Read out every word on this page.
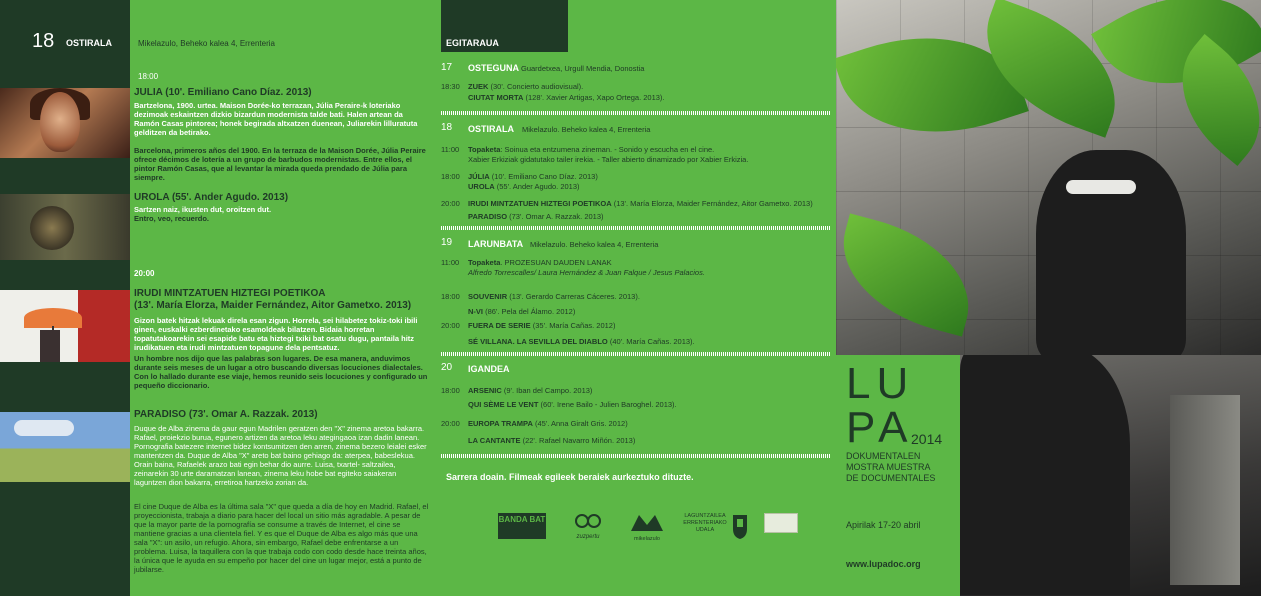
18 OSTIRALA	Mikelazulo, Beheko kalea 4, Errenteria
18:00
JULIA (10'. Emiliano Cano Díaz. 2013)
Bartzelona, 1900. urtea. Maison Dorée-ko terrazan, Júlia Peraire-k loteriako dezimoak eskaintzen dizkio bizardun modernista talde bati. Halen artean da Ramón Casas pintorea; honek begirada altxatzen duenean, Juliarekin lilluratuta gelditzen da betirako.
Barcelona, primeros años del 1900. En la terraza de la Maison Dorée, Júlia Peraire ofrece décimos de lotería a un grupo de barbudos modernistas. Entre ellos, el pintor Ramón Casas, que al levantar la mirada queda prendado de Júlia para siempre.
UROLA (55'. Ander Agudo. 2013)
Sartzen naiz, ikusten dut, oroitzen dut.
Entro, veo, recuerdo.
20:00
IRUDI MINTZATUEN HIZTEGI POETIKOA
(13'. María Elorza, Maider Fernández, Aitor Gametxo. 2013)
Gizon batek hitzak lekuak direla esan zigun. Horrela, sei hilabetez tokiz-toki ibili ginen, euskalki ezberdinetako esamoldeak bilatzen. Bidaia horretan topatutakoarekin sei esapide batu eta hiztegi txiki bat osatu dugu, pantaila hitz irudikatuen eta irudi mintzatuen topagune dela pentsatuz.
Un hombre nos dijo que las palabras son lugares. De esa manera, anduvimos durante seis meses de un lugar a otro buscando diversas locuciones dialectales. Con lo hallado durante ese viaje, hemos reunido seis locuciones y configurado un pequeño diccionario.
PARADISO (73'. Omar A. Razzak. 2013)
Duque de Alba zinema da gaur egun Madrilen geratzen den "X" zinema aretoa bakarra. Rafael, proiekzio burua, egunero artizen da aretoa leku ategingaoa izan dadin lanean. Pornografia batezere internet bidez kontsumitzen den arren, zinema bezero leialei esker mantentzen da. Duque de Alba "X" areto bat baino gehiago da: aterpea, babeslekua. Orain baina, Rafaelek arazo bati egin behar dio aurre. Luisa, txartel- saltzailea, zeinarekin 30 urte daramatzan lanean, zinema leku hobe bat egiteko saiakeran laguntzen dion bakarra, erretiroa hartzeko zorian da.
El cine Duque de Alba es la última sala "X" que queda a día de hoy en Madrid. Rafael, el proyeccionista, trabaja a diario para hacer del local un sitio más agradable. A pesar de que la mayor parte de la pornografía se consume a través de Internet, el cine se mantiene gracias a una clientela fiel. Y es que el Duque de Alba es algo más que una sala "X": un asilo, un refugio. Ahora, sin embargo, Rafael debe enfrentarse a un problema. Luisa, la taquillera con la que trabaja codo con codo desde hace treinta años, la única que le ayuda en su empeño por hacer del cine un lugar mejor, está a punto de jubilarse.
EGITARAUA
17 OSTEGUNA Guardetxea, Urgull Mendia, Donostia
18:30 ZUEK (30'. Concierto audiovisual).
CIUTAT MORTA (128'. Xavier Artigas, Xapo Ortega. 2013).
18 OSTIRALA Mikelazulo. Beheko kalea 4, Errenteria
11:00 Topaketa: Soinua eta entzumena zineman. - Sonido y escucha en el cine.
Xabier Erkiziak gidatutako tailer irekia. - Taller abierto dinamizado por Xabier Erkizia.
18:00 JÚLIA (10'. Emiliano Cano Díaz. 2013)
UROLA (55'. Ander Agudo. 2013)
20:00 IRUDI MINTZATUEN HIZTEGI POETIKOA (13'. María Elorza, Maider Fernández, Aitor Gametxo. 2013)
PARADISO (73'. Omar A. Razzak. 2013)
19 LARUNBATA Mikelazulo. Beheko kalea 4, Errenteria
11:00 Topaketa. PROZESUAN DAUDEN LANAK
Alfredo Torrescalles/ Laura Hernández & Juan Falque / Jesus Palacios.
18:00 SOUVENIR (13'. Gerardo Carreras Cáceres. 2013).
N-VI (86'. Pela del Álamo. 2012)
20:00 FUERA DE SERIE (35'. María Cañas. 2012)
SÉ VILLANA. LA SEVILLA DEL DIABLO (40'. María Cañas. 2013).
20 IGANDEA
18:00 ARSENIC (9'. Iban del Campo. 2013)
QUI SÈME LE VENT (60'. Irene Bailo - Julien Baroghel. 2013).
20:00 EUROPA TRAMPA (45'. Anna Giralt Gris. 2012)
LA CANTANTE (22'. Rafael Navarro Miñón. 2013)
Sarrera doain. Filmeak egileek beraiek aurkeztuko dituzte.
BANDA BAT
zuzpertu	mikelazulo
LAGUNTZAILEA
ERRENTERIAKO
UDALA
LU
PA
2014
DOKUMENTALEN
MOSTRA MUESTRA
DE DOCUMENTALES
Apirilak 17-20 abril
www.lupadoc.org
